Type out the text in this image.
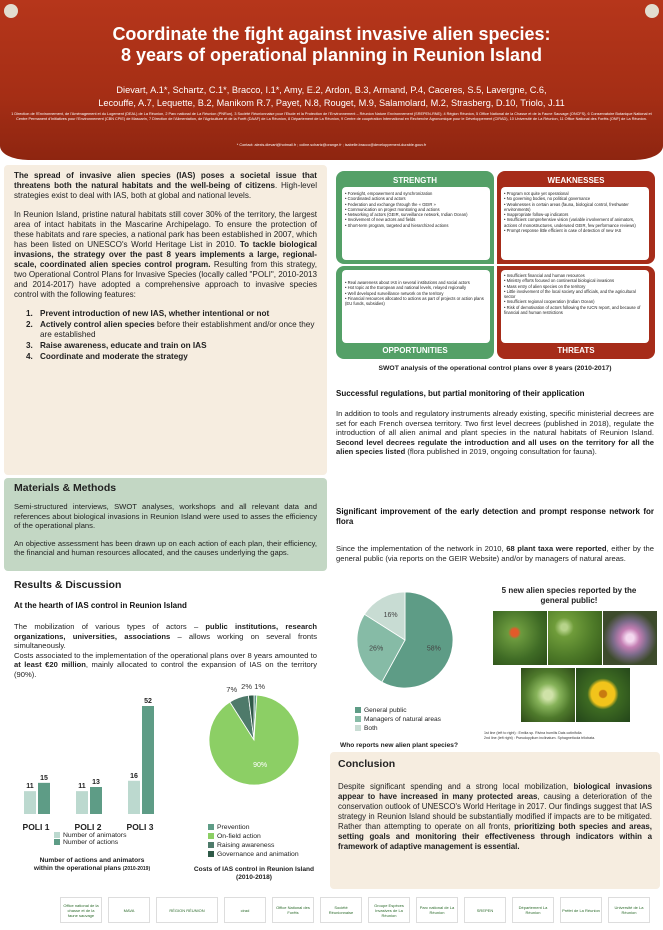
Coordinate the fight against invasive alien species:
8 years of operational planning in Reunion Island
Dievart, A.1*, Schartz, C.1*, Bracco, I.1*, Amy, E.2, Ardon, B.3, Armand, P.4, Caceres, S.5, Lavergne, C.6,
Lecouffe, A.7, Lequette, B.2, Manikom R.7, Payet, N.8, Rouget, M.9, Salamolard, M.2, Strasberg, D.10, Triolo, J.11
1 Direction de l'Environnement, de l'Aménagement et du Logement (DEAL) de La Réunion, 2 Parc national de La Réunion (PNRun), 3 Société Réunionnaise pour l'Etude et la Protection de l'Environnement – Réunion Nature Environnement (SREPEN-RNE); 4 Région Réunion, 5 Office National de la Chasse et de la Faune Sauvage (ONCFS), 6 Conservatoire Botanique National et Centre Permanent d'Initiatives pour l'Environnement (CBN CPIE) de Mascarin, 7 Direction de l'Alimentation, de l'Agriculture et de la Forêt (DAAF) de La Réunion, 8 Département de La Réunion, 9 Centre de coopération International en Recherche Agronomique pour le Développement (CIRAD), 10 Université de La Réunion, 11 Office National des Forêts (ONF) de La Réunion.
* Contact: alexis.dievart@hotmail.fr ; coline.schartz@orange.fr ; isabelle.bracco@developpement-durable.gouv.fr

The spread of invasive alien species (IAS) poses a societal issue that threatens both the natural habitats and the well-being of citizens. High-level strategies exist to deal with IAS, both at global and national levels.

In Reunion Island, pristine natural habitats still cover 30% of the territory, the largest area of intact habitats in the Mascarine Archipelago. To ensure the protection of these habitats and rare species, a national park has been established in 2007, which has been listed on UNESCO's World Heritage List in 2010. To tackle biological invasions, the strategy over the past 8 years implements a large, regional-scale, coordinated alien species control program. Resulting from this strategy, two Operational Control Plans for Invasive Species (locally called "POLI", 2010-2013 and 2014-2017) have adopted a comprehensive approach to invasive species control with the following features:

1. Prevent introduction of new IAS, whether intentional or not
2. Actively control alien species before their establishment and/or once they are established
3. Raise awareness, educate and train on IAS
4. Coordinate and moderate the strategy
Materials & Methods

Semi-structured interviews, SWOT analyses, workshops and all relevant data and references about biological invasions in Reunion Island were used to asses the efficiency of the operational plans.

An objective assessment has been drawn up on each action of each plan, their efficiency, the financial and human resources allocated, and the causes underlying the gaps.

Results & Discussion
At the hearth of IAS control in Reunion Island

The mobilization of various types of actors – public institutions, research organizations, universities, associations – allows working on several fronts simultaneously.

Costs associated to the implementation of the operational plans over 8 years amounted to at least €20 million, mainly allocated to control the expansion of IAS on the territory (90%).

11
15
POLI 1
11
13
POLI 2
16
52
POLI 3
Number of animators
Number of actions
Number of actions and animators
within the operational plans (2010-2019)
1%
90%
7% 2%
Prevention
On-field action
Raising awareness
Governance and animation
Costs of IAS control in Reunion Island
(2010-2018)
STRENGTH
• Foresight, empowerment and synchronization
• Coordinated actions and actors
• Federation and exchange through the « GEIR »
• Communication on project monitoring and actions
• Networking of actors (GEIR, surveillance network, Indian Ocean)
• Involvement of new actors and fields
• Short-term program, targeted and hierarchized actions
WEAKNESSES
• Program not quite yet operational
• No governing bodies, no political governance
• Weaknesses in certain areas (fauna, biological control, freshwater environments)
• Inappropriate follow-up indicators
• Insufficient comprehensive vision (variable involvement of animators, actions of monostructures, underused GEIR, few performance reviews)
• Prompt response little efficient in case of detection of new IAS
• Real awareness about IAS in several institutions and social actors
• Hot topic at the European and national levels, relayed regionally
• Well developed surveillance network on the territory
• Financial resources allocated to actions as part of projects or action plans (EU funds, subsidies)
OPPORTUNITIES
• Insufficient financial and human resources
• Ministry efforts focused on continental biological invasions
• Mass entry of alien species on the territory
• Little involvement of the local society and officials, and the agricultural sector
• Insufficient regional cooperation (Indian Ocean)
• Risk of demotivation of actors following the IUCN report, and because of financial and human restrictions
THREATS
SWOT analysis of the operational control plans over 8 years (2010-2017)
Successful regulations, but partial monitoring of their application

In addition to tools and regulatory instruments already existing, specific ministerial decrees are set for each French oversea territory. Two first level decrees (published in 2018), regulate the introduction of all alien animal and plant species in the natural habitats of Reunion Island. Second level decrees regulate the introduction and all uses on the territory for all the alien species listed (flora published in 2019, ongoing consultation for fauna).

Significant improvement of the early detection and prompt response network for flora

Since the implementation of the network in 2010, 68 plant taxa were reported, either by the general public (via reports on the GEIR Website) and/or by managers of natural areas.

58%
26%
16%
General public
Managers of natural areas
Both
Who reports new alien plant species?
5 new alien species reported by the general public!
1st line (left to right) : Emilia sp. Rivina humilis Dais cotinifolia
2nd line (left right) : Pseudopyllum inclinatum. Sphagneticola trilobata.
Conclusion

Despite significant spending and a strong local mobilization, biological invasions appear to have increased in many protected areas, causing a deterioration of the conservation outlook of UNESCO's World Heritage in 2017. Our findings suggest that IAS strategy in Reunion Island should be substantially modified if impacts are to be mitigated. Rather than attempting to operate on all fronts, prioritizing both species and areas, setting goals and monitoring their effectiveness through indicators within a framework of adaptive management is essential.

Office national de la chasse et de la faune sauvage
MAVA	RÉGION RÉUNION	cirad	Office National des Forêts
Société Réunionnaise
Groupe Espèces Invasives de La Réunion
Parc national de La Réunion	SREPEN	Département La Réunion	Préfet de La Réunion	Université de La Réunion
